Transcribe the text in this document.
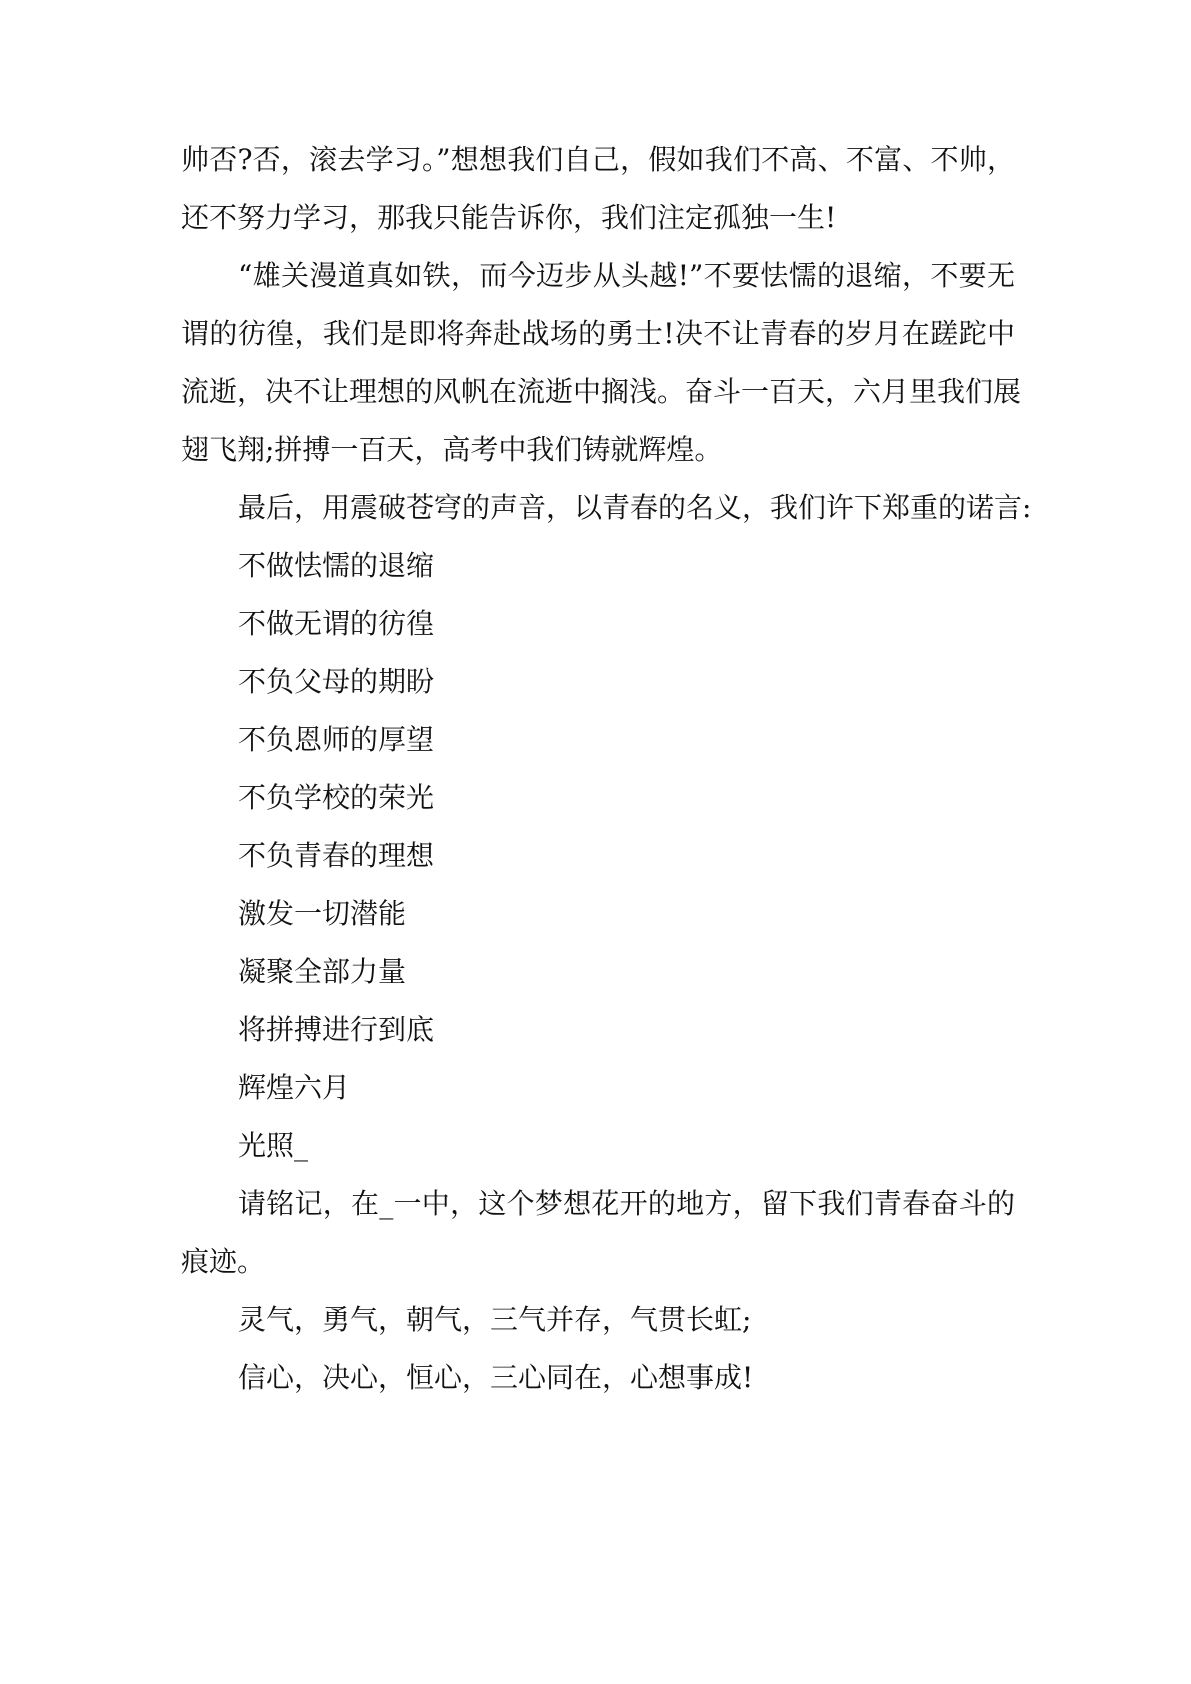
帅否?否，滚去学习。”想想我们自己，假如我们不高、不富、不帅，

还不努力学习，那我只能告诉你，我们注定孤独一生!

“雄关漫道真如铁，而今迈步从头越!”不要怯懦的退缩，不要无

谓的彷徨，我们是即将奔赴战场的勇士!决不让青春的岁月在蹉跎中

流逝，决不让理想的风帆在流逝中搁浅。奋斗一百天，六月里我们展

翅飞翔;拼搏一百天，高考中我们铸就辉煌。

最后，用震破苍穹的声音，以青春的名义，我们许下郑重的诺言:

不做怯懦的退缩

不做无谓的彷徨

不负父母的期盼

不负恩师的厚望

不负学校的荣光

不负青春的理想

激发一切潜能

凝聚全部力量

将拼搏进行到底

辉煌六月

光照_

请铭记，在_一中，这个梦想花开的地方，留下我们青春奋斗的

痕迹。

灵气，勇气，朝气，三气并存，气贯长虹;

信心，决心，恒心，三心同在，心想事成!
